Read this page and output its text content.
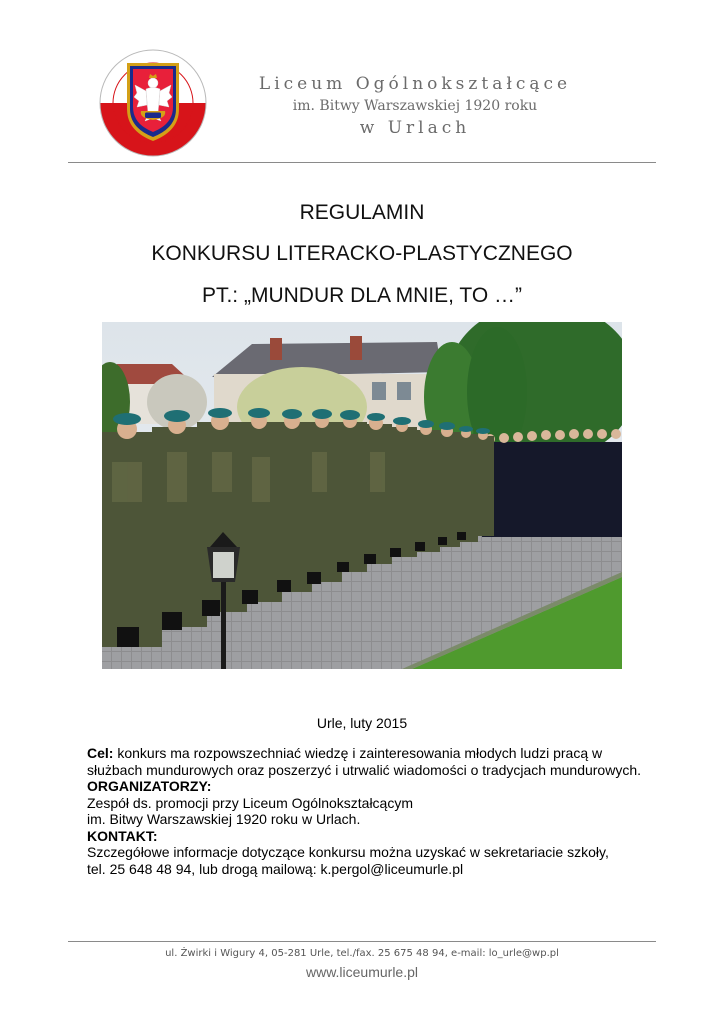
Liceum Ogólnokształcące
im. Bitwy Warszawskiej 1920 roku
w Urlach
REGULAMIN
KONKURSU LITERACKO-PLASTYCZNEGO
PT.: „MUNDUR DLA MNIE, TO …”
Urle, luty 2015

Cel: konkurs ma rozpowszechniać wiedzę i zainteresowania młodych ludzi pracą w służbach mundurowych oraz poszerzyć i utrwalić wiadomości o tradycjach mundurowych.

ORGANIZATORZY:

Zespół ds. promocji przy Liceum Ogólnokształcącym

im. Bitwy Warszawskiej 1920 roku w Urlach.

KONTAKT:

Szczegółowe informacje dotyczące konkursu można uzyskać w sekretariacie szkoły,

tel. 25 648 48 94, lub drogą mailową: k.pergol@liceumurle.pl

ul. Żwirki i Wigury 4, 05-281 Urle, tel./fax. 25 675 48 94, e-mail: lo_urle@wp.pl
www.liceumurle.pl
